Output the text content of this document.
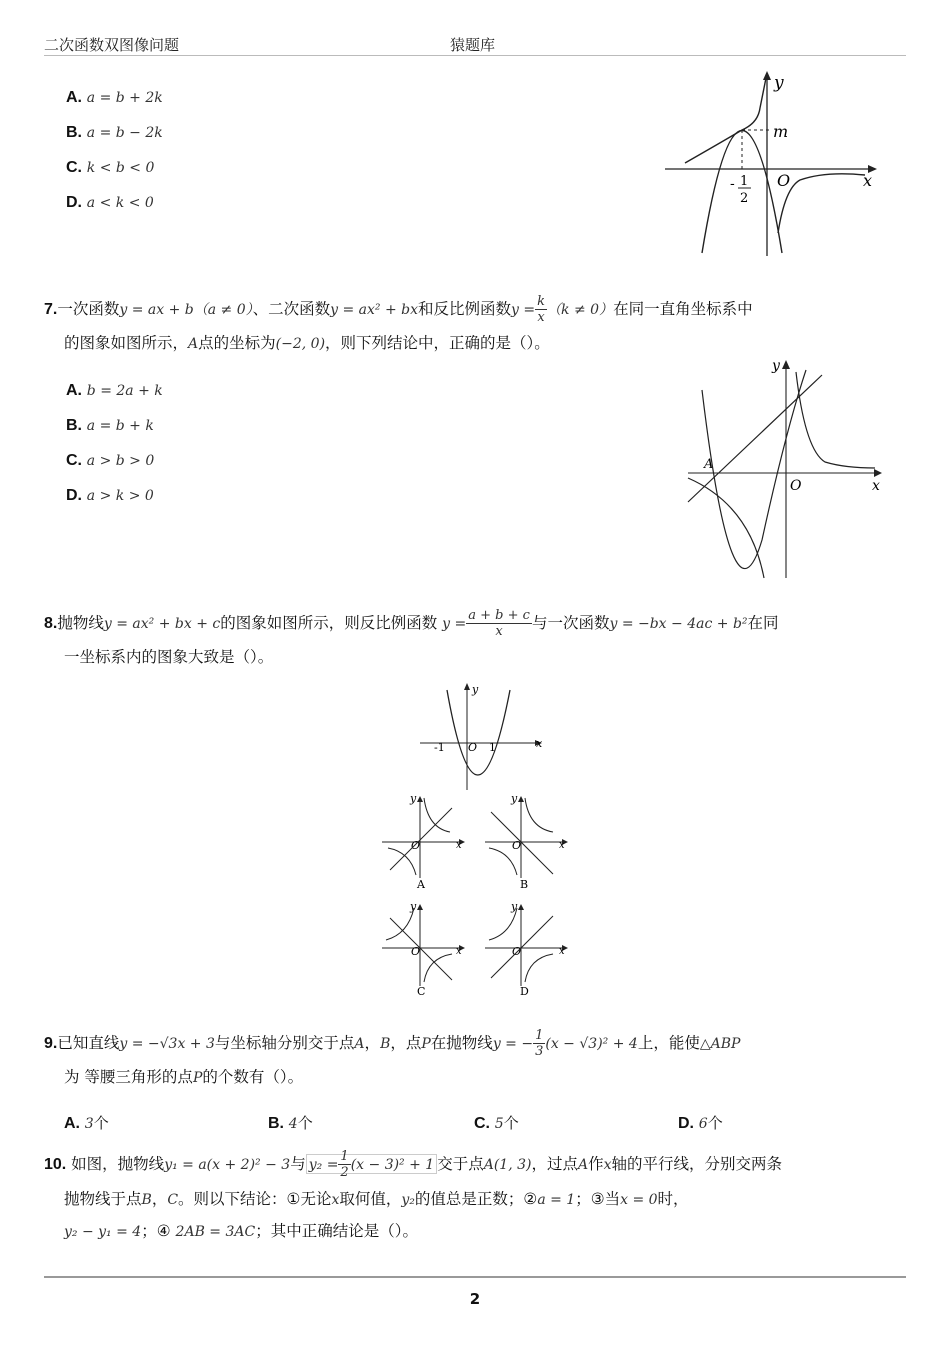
二次函数双图像问题	猿题库
A. a = b + 2k
B. a = b − 2k
C. k < b < 0
D. a < k < 0
y
x
O
m
- 1
2
7.一次函数y = ax + b（a ≠ 0）、二次函数y = ax² + bx和反比例函数$y = \frac{k}{x} (k \ne 0)$在同一直角坐标系中
的图象如图所示，A点的坐标为(−2, 0)，则下列结论中，正确的是（）。
A. b = 2a + k
B. a = b + k
C. a > b > 0
D. a > k > 0
y
x
O
A
8.抛物线y = ax² + bx + c的图象如图所示，则反比例函数 $y = \frac{a + b + c}{x}$ 与一次函数y = −bx − 4ac + b²在同
一坐标系内的图象大致是（）。
y
x
O
-1	1
y
x
O
A
y
x
O
B
y
x
O
C
y
x
O
D
9.已知直线y = −√3x + 3与坐标轴分别交于点A，B，点P在抛物线y = − $\frac{1}{3} (x - √3)^2 + 4$上，能使△ABP
为 等腰三角形的点P的个数有（）。
A. 3个	B. 4个	C. 5个	D. 6个
10. 如图，抛物线y₁ = a(x + 2)² − 3与 $y_2 = \frac{1}{2} (x - 3)^2 + 1$ 交于点A(1, 3)，过点A作x轴的平行线，分别交两条
抛物线于点B，C。则以下结论：①无论x取何值，y₂的值总是正数；②a = 1；③当x = 0时，
y₂ − y₁ = 4；④ 2AB = 3AC；其中正确结论是（）。
2
